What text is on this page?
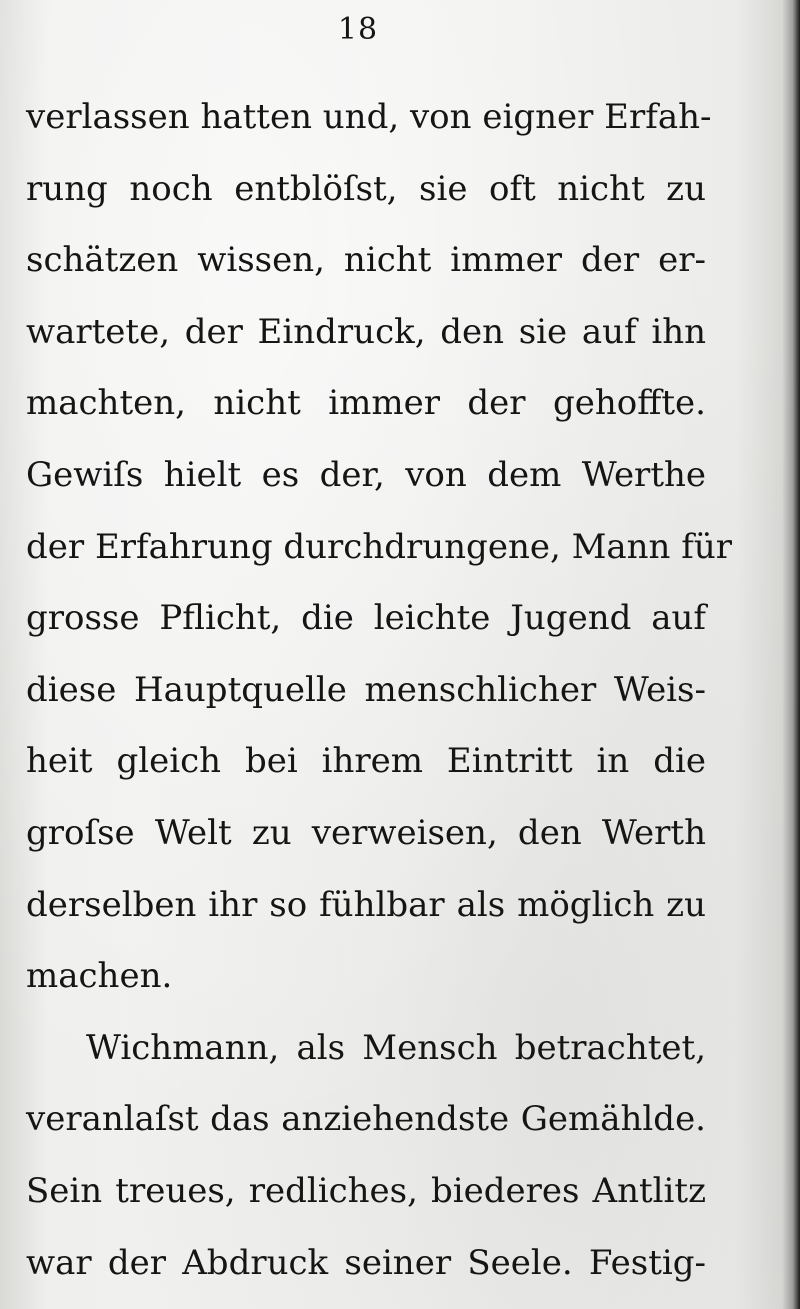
18
verlassen hatten und, von eigner Erfah-
rung noch entblöſst, sie oft nicht zu
schätzen wissen, nicht immer der er-
wartete, der Eindruck, den sie auf ihn
machten, nicht immer der gehoffte.
Gewiſs hielt es der, von dem Werthe
der Erfahrung durchdrungene, Mann für
grosse Pflicht, die leichte Jugend auf
diese Hauptquelle menschlicher Weis-
heit gleich bei ihrem Eintritt in die
groſse Welt zu verweisen, den Werth
derselben ihr so fühlbar als möglich zu
machen.
Wichmann, als Mensch betrachtet,
veranlaſst das anziehendste Gemählde.
Sein treues, redliches, biederes Antlitz
war der Abdruck seiner Seele. Festig-
